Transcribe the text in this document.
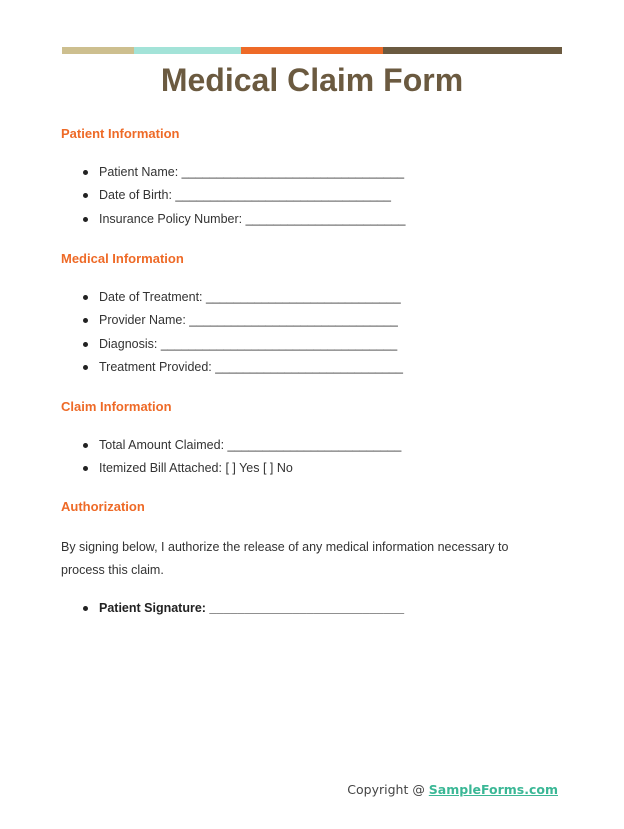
Medical Claim Form
Patient Information
Patient Name: ________________________________
Date of Birth: _______________________________
Insurance Policy Number: _______________________
Medical Information
Date of Treatment: ____________________________
Provider Name: ______________________________
Diagnosis: __________________________________
Treatment Provided: ___________________________
Claim Information
Total Amount Claimed: _________________________
Itemized Bill Attached: [ ] Yes [ ] No
Authorization

By signing below, I authorize the release of any medical information necessary to process this claim.

Patient Signature: ____________________________
Copyright @ SampleForms.com
